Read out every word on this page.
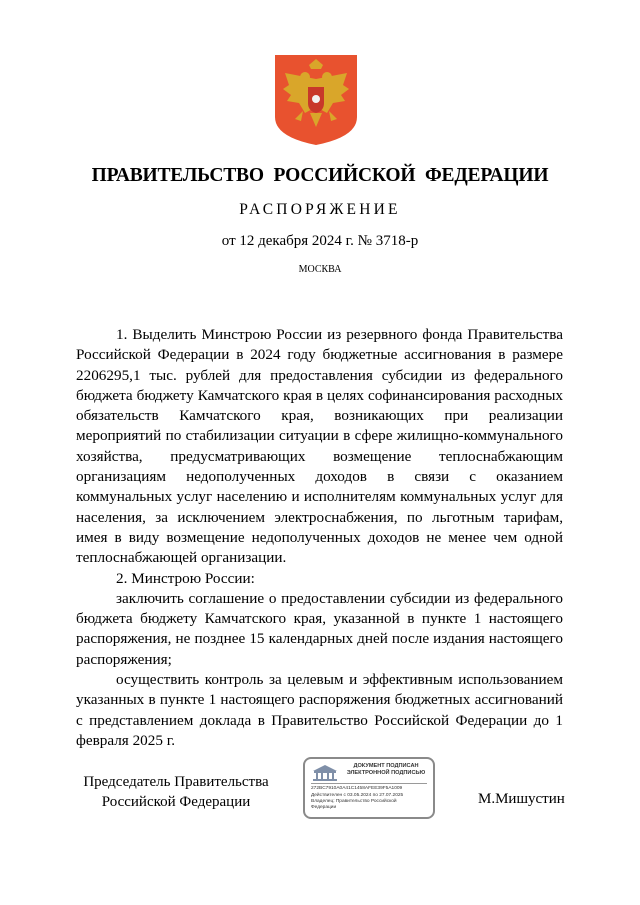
ПРАВИТЕЛЬСТВО РОССИЙСКОЙ ФЕДЕРАЦИИ
РАСПОРЯЖЕНИЕ
от 12 декабря 2024 г. № 3718-р
МОСКВА

1. Выделить Минстрою России из резервного фонда Правительства Российской Федерации в 2024 году бюджетные ассигнования в размере 2206295,1 тыс. рублей для предоставления субсидии из федерального бюджета бюджету Камчатского края в целях софинансирования расходных обязательств Камчатского края, возникающих при реализации мероприятий по стабилизации ситуации в сфере жилищно-коммунального хозяйства, предусматривающих возмещение теплоснабжающим организациям недополученных доходов в связи с оказанием коммунальных услуг населению и исполнителям коммунальных услуг для населения, за исключением электроснабжения, по льготным тарифам, имея в виду возмещение недополученных доходов не менее чем одной теплоснабжающей организации.

2. Минстрою России:

заключить соглашение о предоставлении субсидии из федерального бюджета бюджету Камчатского края, указанной в пункте 1 настоящего распоряжения, не позднее 15 календарных дней после издания настоящего распоряжения;

осуществить контроль за целевым и эффективным использованием указанных в пункте 1 настоящего распоряжения бюджетных ассигнований с представлением доклада в Правительство Российской Федерации до 1 февраля 2025 г.

Председатель Правительства
Российской Федерации
ДОКУМЕНТ ПОДПИСАН
ЭЛЕКТРОННОЙ ПОДПИСЬЮ
272BC7910A0A41C1458AFEE39F5A1009
Действителен с 03.05.2024 по 27.07.2025
Владелец: Правительство Российской
Федерации
М.Мишустин
